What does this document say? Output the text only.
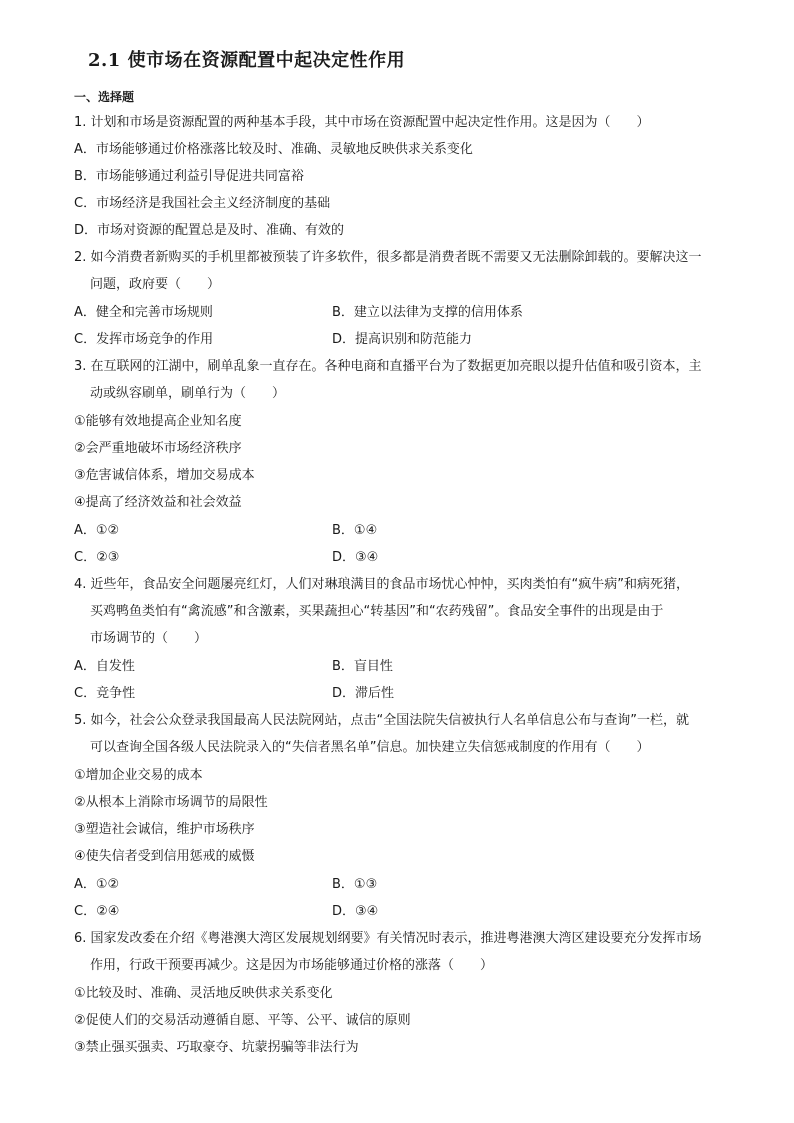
2.1 使市场在资源配置中起决定性作用
一、选择题
1. 计划和市场是资源配置的两种基本手段，其中市场在资源配置中起决定性作用。这是因为（　　）
A．市场能够通过价格涨落比较及时、准确、灵敏地反映供求关系变化
B．市场能够通过利益引导促进共同富裕
C．市场经济是我国社会主义经济制度的基础
D．市场对资源的配置总是及时、准确、有效的
2. 如今消费者新购买的手机里都被预装了许多软件，很多都是消费者既不需要又无法删除卸载的。要解决这一
问题，政府要（　　）
A．健全和完善市场规则	B．建立以法律为支撑的信用体系
C．发挥市场竞争的作用	D．提高识别和防范能力
3. 在互联网的江湖中，刷单乱象一直存在。各种电商和直播平台为了数据更加亮眼以提升估值和吸引资本，主
动或纵容刷单，刷单行为（　　）
①能够有效地提高企业知名度
②会严重地破坏市场经济秩序
③危害诚信体系，增加交易成本
④提高了经济效益和社会效益
A．①②	B．①④
C．②③	D．③④
4. 近些年，食品安全问题屡亮红灯，人们对琳琅满目的食品市场忧心忡忡，买肉类怕有“疯牛病”和病死猪，
买鸡鸭鱼类怕有“禽流感”和含激素，买果蔬担心“转基因”和“农药残留”。食品安全事件的出现是由于
市场调节的（　　）
A．自发性	B．盲目性
C．竞争性	D．滞后性
5. 如今，社会公众登录我国最高人民法院网站，点击“全国法院失信被执行人名单信息公布与查询”一栏，就
可以查询全国各级人民法院录入的“失信者黑名单”信息。加快建立失信惩戒制度的作用有（　　）
①增加企业交易的成本
②从根本上消除市场调节的局限性
③塑造社会诚信，维护市场秩序
④使失信者受到信用惩戒的威慑
A．①②	B．①③
C．②④	D．③④
6. 国家发改委在介绍《粤港澳大湾区发展规划纲要》有关情况时表示，推进粤港澳大湾区建设要充分发挥市场
作用，行政干预要再减少。这是因为市场能够通过价格的涨落（　　）
①比较及时、准确、灵活地反映供求关系变化
②促使人们的交易活动遵循自愿、平等、公平、诚信的原则
③禁止强买强卖、巧取豪夺、坑蒙拐骗等非法行为
